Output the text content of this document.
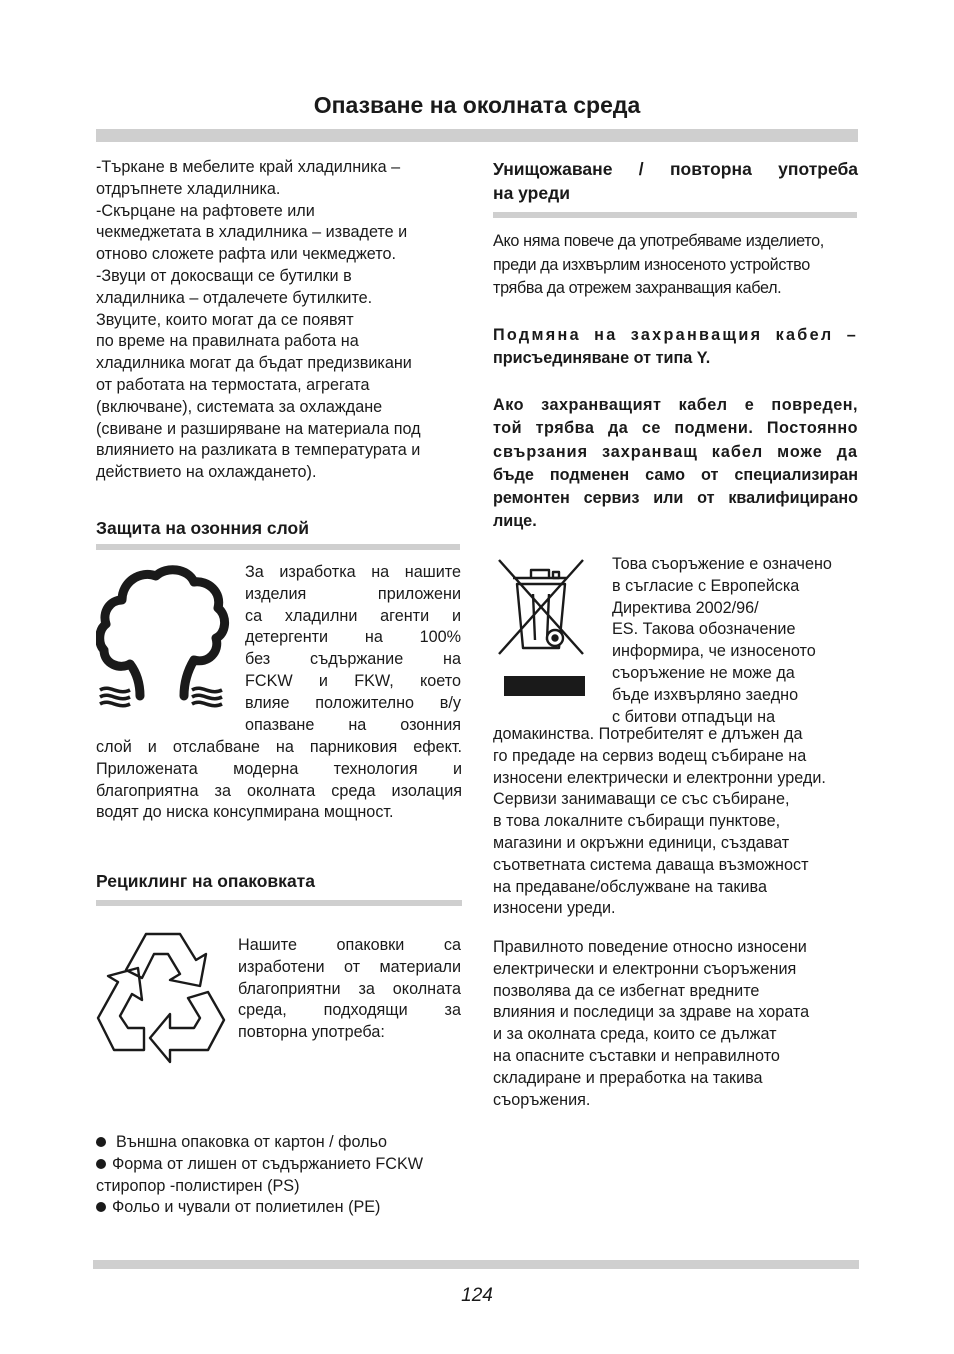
Опазване на околната среда
-Търкане в мебелите край хладилника –
отдръпнете хладилника.
-Скърцане на рафтовете или
чекмеджетата в хладилника – извадете и
отново сложете рафта или чекмеджето.
-Звуци от докосващи се бутилки в
хладилника – отдалечете бутилките.
Звуците, които могат да се появят
по време на правилната работа на
хладилника могат да бъдат предизвикани
от работата на термостата, агрегата
(включване), системата за охлаждане
(свиване и разширяване на материала под
влиянието на разликата в температурата и
действието на охлаждането).
Защита на озонния слой
За изработка на нашите
изделия приложени
са хладилни агенти и
детергенти на 100%
без съдържание на
FCKW и FKW, което
влияе положително в/у
опазване на озонния
слой и отслабване на парниковия ефект.
Приложената модерна технология и
благоприятна за околната среда изолация
водят до ниска консупмирана мощност.
Рециклинг на опаковката
Нашите опаковки са
изработени от материали
благоприятни за околната
среда, подходящи за
повторна употреба:
Външна опаковка от картон / фольо
Форма от лишен от съдържанието FCKW
стиропор -полистирен (PS)
Фольо и чували от полиетилен (PE)
Унищожаване / повторна употреба
на уреди
Ако няма повече да употребяваме изделието,
преди да изхвърлим износеното устройство
трябва да отрежем захранващия кабел.
Подмяна на захранващия кабел –
присъединяване от типа Y.
Ако захранващият кабел е повреден,
той трябва да се подмени. Постоянно
свързания захранващ кабел може да
бъде подменен само от специализиран
ремонтен сервиз или от квалифицирано
лице.
Това съоръжение е означено
в съгласие с Европейска
Директива 2002/96/
ES. Такова обозначение
информира, че износеното
съоръжение не може да
бъде изхвърляно заедно
с битови отпадъци на
домакинства. Потребителят е длъжен да
го предаде на сервиз водещ събиране на
износени електрически и електронни уреди.
Сервизи занимаващи се със събиране,
в това локалните събиращи пунктове,
магазини и окръжни единици, създават
съответната система даваща възможност
на предаване/обслужване на такива
износени уреди.
Правилното поведение относно износени
електрически и електронни съоръжения
позволява да се избегнат вредните
влияния и последици за здраве на хората
и за околната среда, които се дължат
на опасните съставки и неправилното
складиране и преработка на такива
съоръжения.
124
